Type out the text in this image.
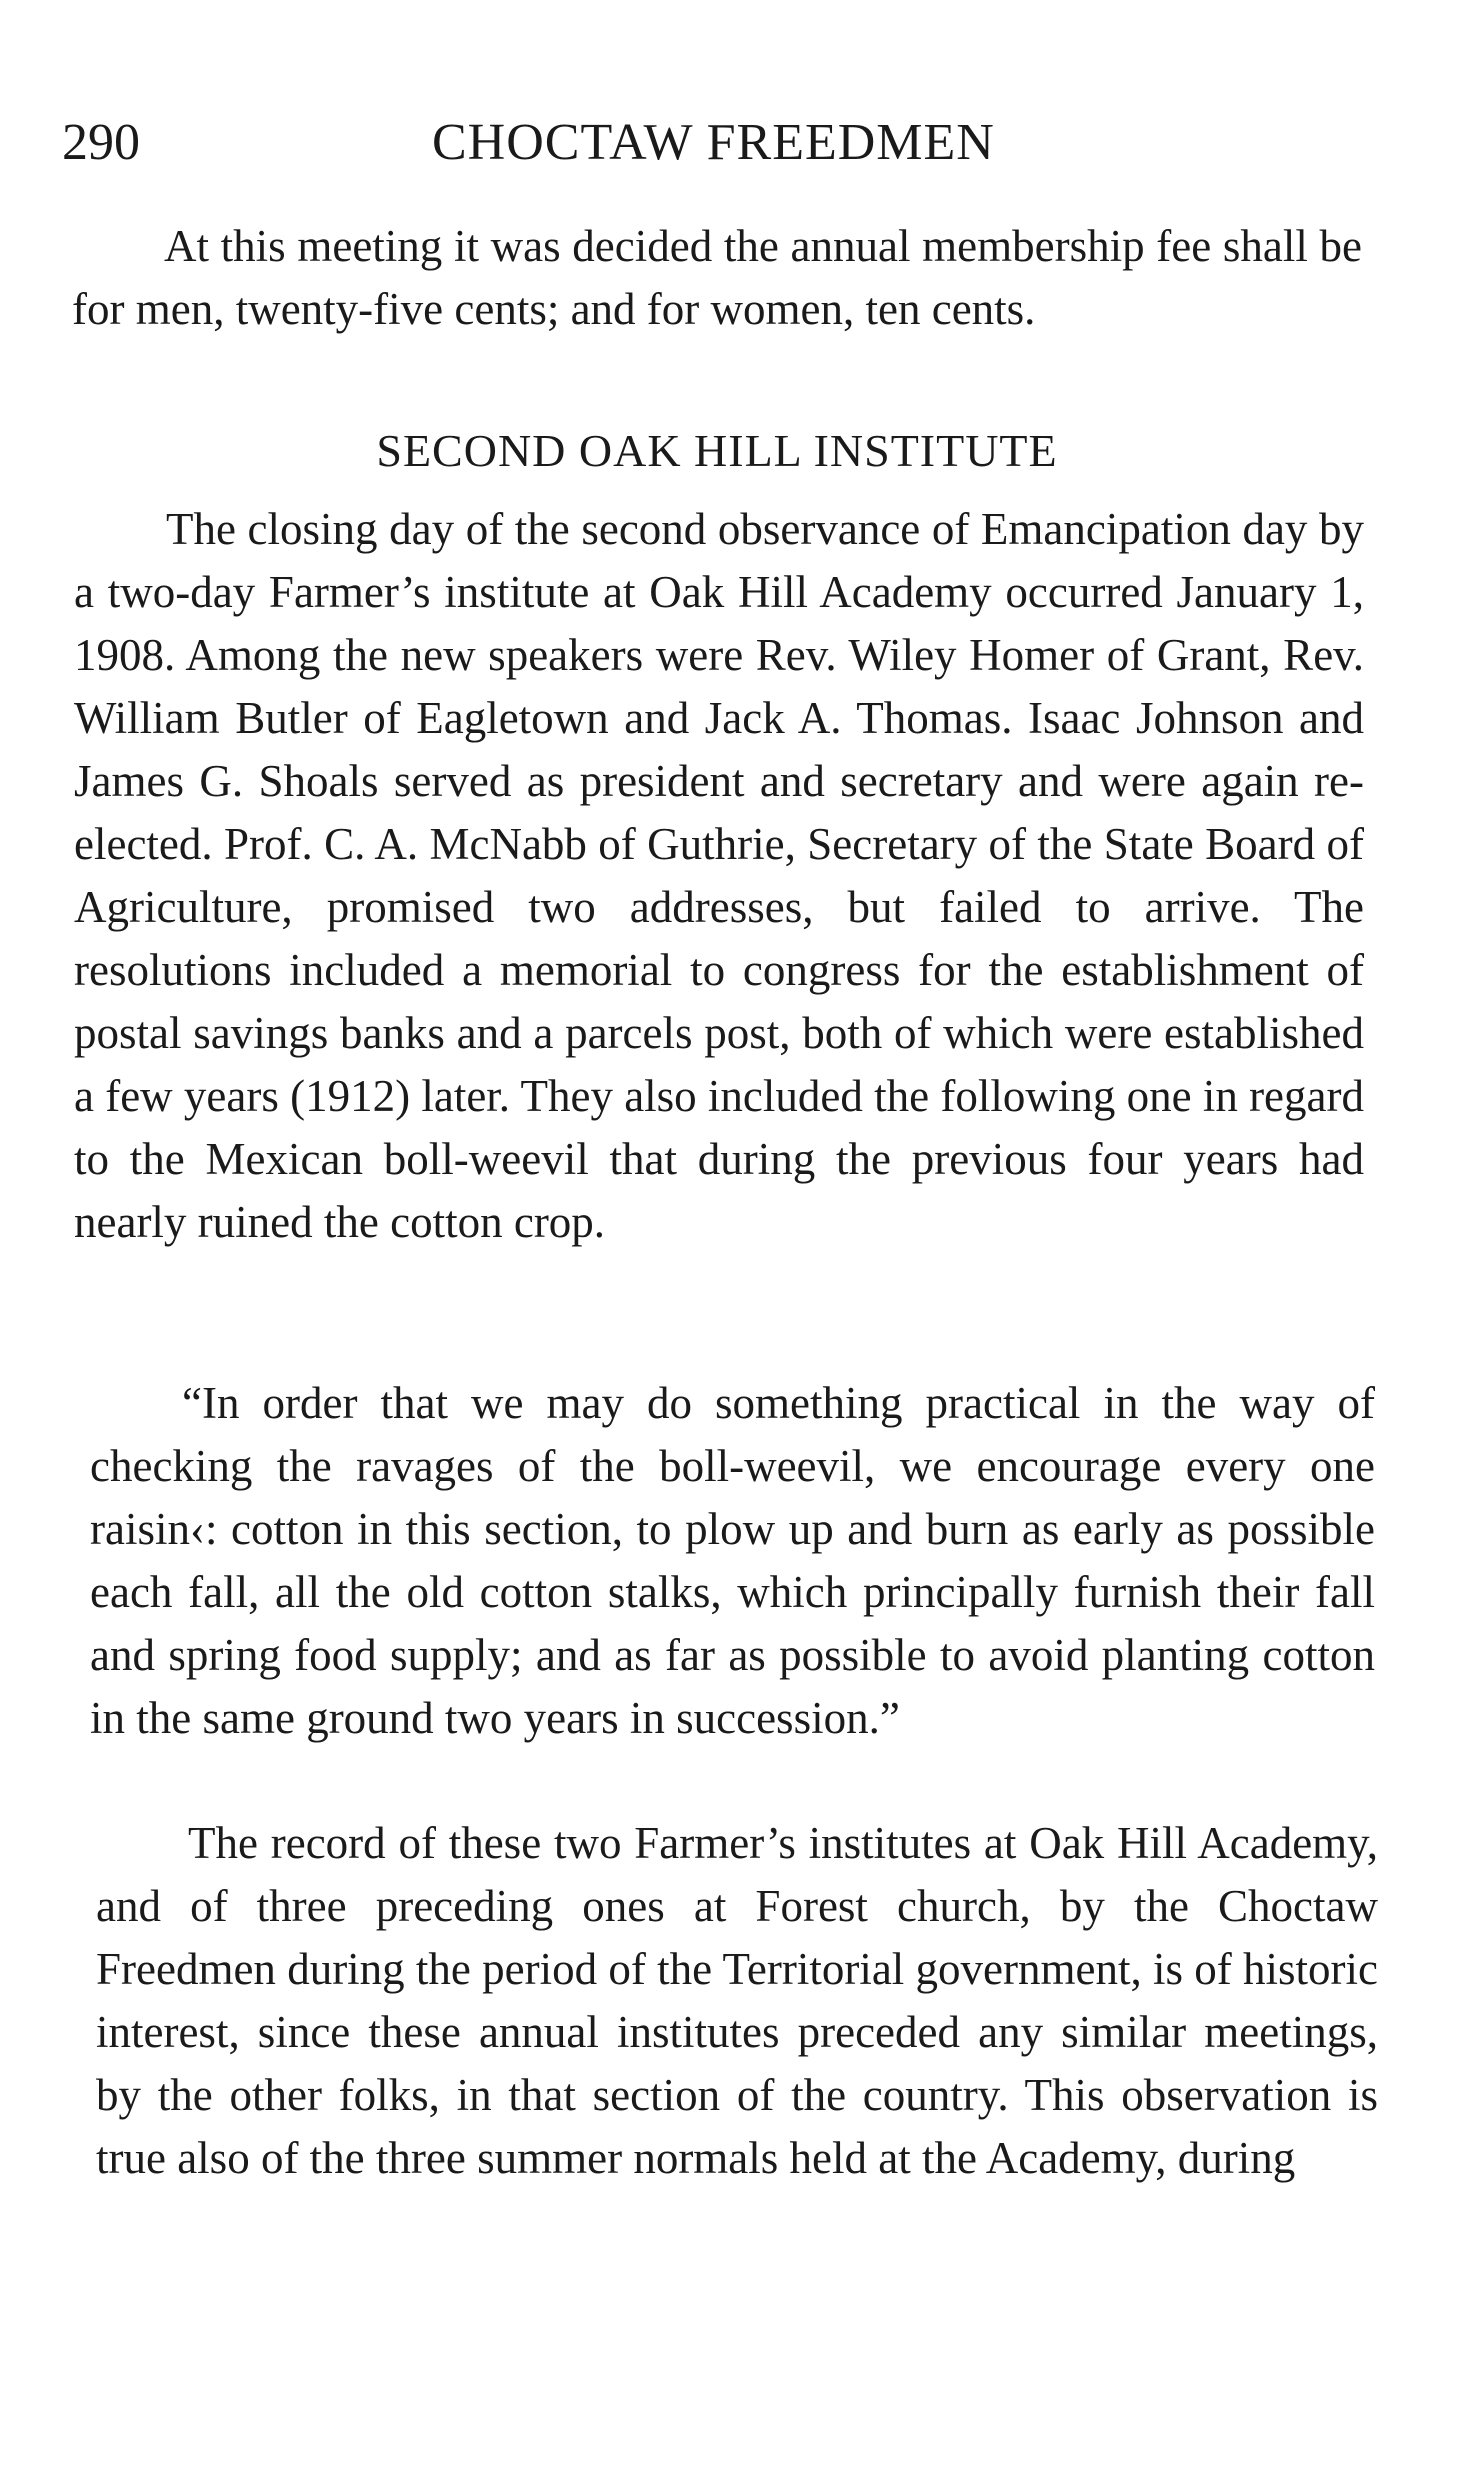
290	CHOCTAW FREEDMEN

At this meeting it was decided the annual membership fee shall be for men, twenty-five cents; and for women, ten cents.

SECOND OAK HILL INSTITUTE

The closing day of the second observance of Emancipation day by a two-day Farmer’s institute at Oak Hill Academy occurred January 1, 1908. Among the new speakers were Rev. Wiley Homer of Grant, Rev. William Butler of Eagletown and Jack A. Thomas. Isaac Johnson and James G. Shoals served as president and secretary and were again re-elected. Prof. C. A. McNabb of Guthrie, Secretary of the State Board of Agriculture, promised two addresses, but failed to arrive. The resolutions included a memorial to congress for the establishment of postal savings banks and a parcels post, both of which were established a few years (1912) later. They also included the following one in regard to the Mexican boll-weevil that during the previous four years had nearly ruined the cotton crop.

“In order that we may do something practical in the way of checking the ravages of the boll-weevil, we encourage every one raisin‹: cotton in this section, to plow up and burn as early as possible each fall, all the old cotton stalks, which principally furnish their fall and spring food supply; and as far as possible to avoid planting cotton in the same ground two years in succession.”

The record of these two Farmer’s institutes at Oak Hill Academy, and of three preceding ones at Forest church, by the Choctaw Freedmen during the period of the Territorial government, is of historic interest, since these annual institutes preceded any similar meetings, by the other folks, in that section of the country. This observation is true also of the three summer normals held at the Academy, during
